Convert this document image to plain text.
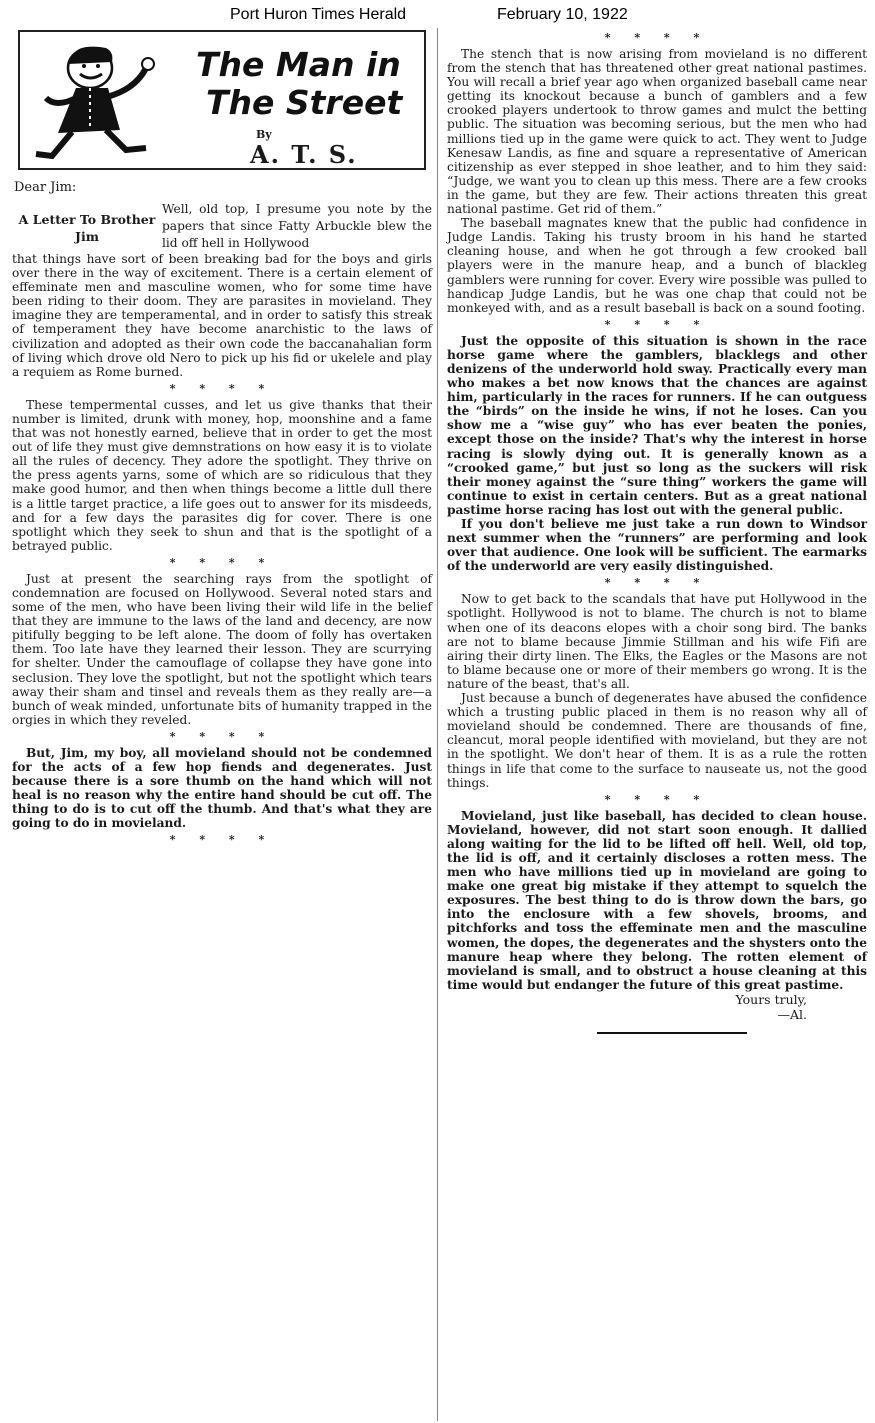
Port Huron Times Herald	February 10, 1922
The Man in
The Street
By
A. T. S.
Dear Jim:
A Letter To Brother Jim
Well, old top, I presume you note by the papers that since Fatty Arbuckle blew the lid off hell in Hollywood

that things have sort of been breaking bad for the boys and girls over there in the way of excitement. There is a certain element of effeminate men and masculine women, who for some time have been riding to their doom. They are parasites in movieland. They imagine they are temperamental, and in order to satisfy this streak of temperament they have become anarchistic to the laws of civilization and adopted as their own code the baccanahalian form of living which drove old Nero to pick up his fid or ukelele and play a requiem as Rome burned.

* * * *

These tempermental cusses, and let us give thanks that their number is limited, drunk with money, hop, moonshine and a fame that was not honestly earned, believe that in order to get the most out of life they must give demnstrations on how easy it is to violate all the rules of decency. They adore the spotlight. They thrive on the press agents yarns, some of which are so ridiculous that they make good humor, and then when things become a little dull there is a little target practice, a life goes out to answer for its misdeeds, and for a few days the parasites dig for cover. There is one spotlight which they seek to shun and that is the spotlight of a betrayed public.

* * * *

Just at present the searching rays from the spotlight of condemnation are focused on Hollywood. Several noted stars and some of the men, who have been living their wild life in the belief that they are immune to the laws of the land and decency, are now pitifully begging to be left alone. The doom of folly has overtaken them. Too late have they learned their lesson. They are scurrying for shelter. Under the camouflage of collapse they have gone into seclusion. They love the spotlight, but not the spotlight which tears away their sham and tinsel and reveals them as they really are—a bunch of weak minded, unfortunate bits of humanity trapped in the orgies in which they reveled.

* * * *

But, Jim, my boy, all movieland should not be condemned for the acts of a few hop fiends and degenerates. Just because there is a sore thumb on the hand which will not heal is no reason why the entire hand should be cut off. The thing to do is to cut off the thumb. And that's what they are going to do in movieland.

* * * *
* * * *

The stench that is now arising from movieland is no different from the stench that has threatened other great national pastimes. You will recall a brief year ago when organized baseball came near getting its knockout because a bunch of gamblers and a few crooked players undertook to throw games and mulct the betting public. The situation was becoming serious, but the men who had millions tied up in the game were quick to act. They went to Judge Kenesaw Landis, as fine and square a representative of American citizenship as ever stepped in shoe leather, and to him they said: “Judge, we want you to clean up this mess. There are a few crooks in the game, but they are few. Their actions threaten this great national pastime. Get rid of them.”

The baseball magnates knew that the public had confidence in Judge Landis. Taking his trusty broom in his hand he started cleaning house, and when he got through a few crooked ball players were in the manure heap, and a bunch of blackleg gamblers were running for cover. Every wire possible was pulled to handicap Judge Landis, but he was one chap that could not be monkeyed with, and as a result baseball is back on a sound footing.

* * * *

Just the opposite of this situation is shown in the race horse game where the gamblers, blacklegs and other denizens of the underworld hold sway. Practically every man who makes a bet now knows that the chances are against him, particularly in the races for runners. If he can outguess the “birds” on the inside he wins, if not he loses. Can you show me a “wise guy” who has ever beaten the ponies, except those on the inside? That's why the interest in horse racing is slowly dying out. It is generally known as a “crooked game,” but just so long as the suckers will risk their money against the “sure thing” workers the game will continue to exist in certain centers. But as a great national pastime horse racing has lost out with the general public.

If you don't believe me just take a run down to Windsor next summer when the “runners” are performing and look over that audience. One look will be sufficient. The earmarks of the underworld are very easily distinguished.

* * * *

Now to get back to the scandals that have put Hollywood in the spotlight. Hollywood is not to blame. The church is not to blame when one of its deacons elopes with a choir song bird. The banks are not to blame because Jimmie Stillman and his wife Fifi are airing their dirty linen. The Elks, the Eagles or the Masons are not to blame because one or more of their members go wrong. It is the nature of the beast, that's all.

Just because a bunch of degenerates have abused the confidence which a trusting public placed in them is no reason why all of movieland should be condemned. There are thousands of fine, cleancut, moral people identified with movieland, but they are not in the spotlight. We don't hear of them. It is as a rule the rotten things in life that come to the surface to nauseate us, not the good things.

* * * *

Movieland, just like baseball, has decided to clean house. Movieland, however, did not start soon enough. It dallied along waiting for the lid to be lifted off hell. Well, old top, the lid is off, and it certainly discloses a rotten mess. The men who have millions tied up in movieland are going to make one great big mistake if they attempt to squelch the exposures. The best thing to do is throw down the bars, go into the enclosure with a few shovels, brooms, and pitchforks and toss the effeminate men and the masculine women, the dopes, the degenerates and the shysters onto the manure heap where they belong. The rotten element of movieland is small, and to obstruct a house cleaning at this time would but endanger the future of this great pastime.

Yours truly,
—Al.
